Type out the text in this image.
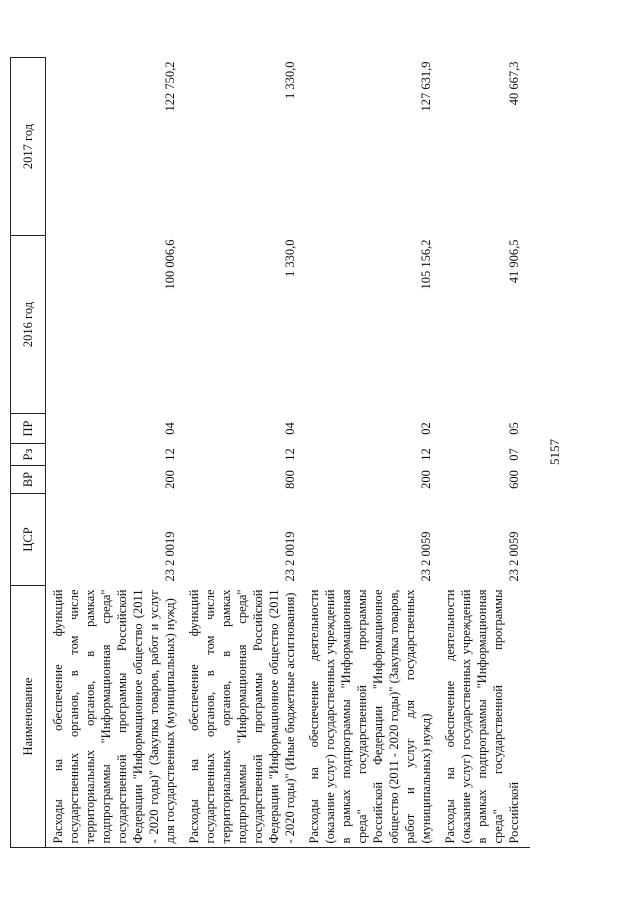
5157
Наименование	ЦСР	ВР	Рз	ПР	2016 год	2017 год
Расходы на обеспечение функций государственных органов, в том числе территориальных органов, в рамках подпрограммы "Информационная среда" государственной программы Российской Федерации "Информационное общество (2011 - 2020 годы)" (Закупка товаров, работ и услуг для государственных (муниципальных) нужд)	23 2 0019	200	12	04	100 006,6	122 750,2
Расходы на обеспечение функций государственных органов, в том числе территориальных органов, в рамках подпрограммы "Информационная среда" государственной программы Российской Федерации "Информационное общество (2011 - 2020 годы)" (Иные бюджетные ассигнования)	23 2 0019	800	12	04	1 330,0	1 330,0
Расходы на обеспечение деятельности (оказание услуг) государственных учреждений в рамках подпрограммы "Информационная среда" государственной программы Российской Федерации "Информационное общество (2011 - 2020 годы)" (Закупка товаров, работ и услуг для государственных (муниципальных) нужд)	23 2 0059	200	12	02	105 156,2	127 631,9
Расходы на обеспечение деятельности (оказание услуг) государственных учреждений в рамках подпрограммы "Информационная среда" государственной программы Российской	23 2 0059	600	07	05	41 906,5	40 667,3
